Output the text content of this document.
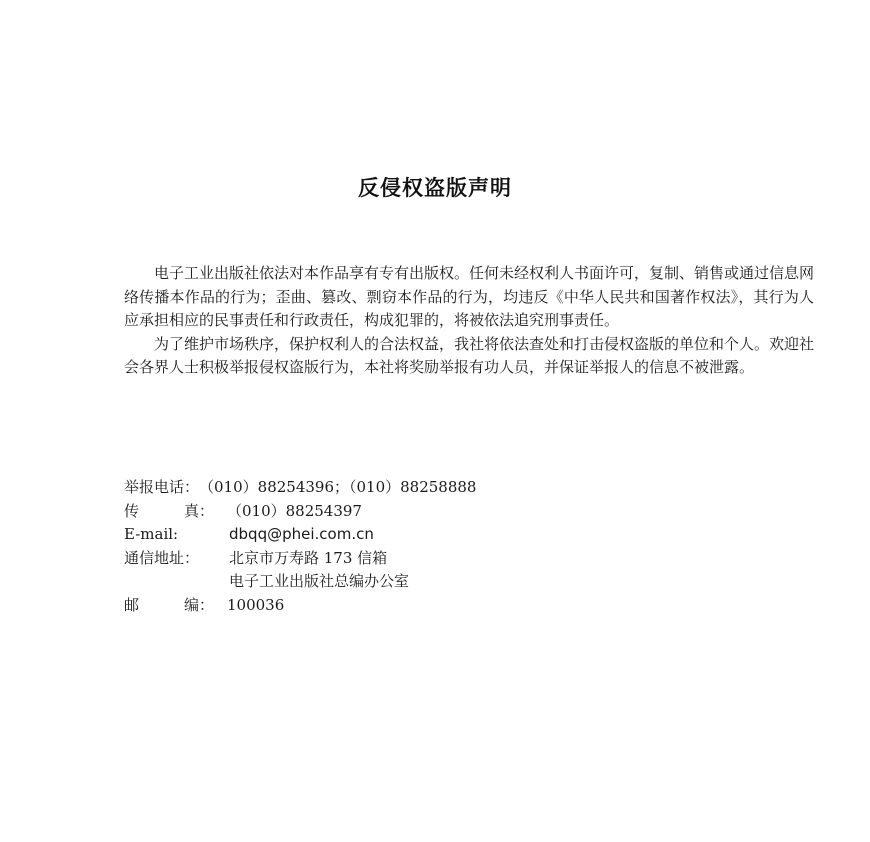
反侵权盗版声明

电子工业出版社依法对本作品享有专有出版权。任何未经权利人书面许可，复制、销售或通过信息网络传播本作品的行为；歪曲、篡改、剽窃本作品的行为，均违反《中华人民共和国著作权法》，其行为人应承担相应的民事责任和行政责任，构成犯罪的，将被依法追究刑事责任。

为了维护市场秩序，保护权利人的合法权益，我社将依法查处和打击侵权盗版的单位和个人。欢迎社会各界人士积极举报侵权盗版行为，本社将奖励举报有功人员，并保证举报人的信息不被泄露。

举报电话： （010）88254396；（010）88258888
传	真： （010）88254397
E-mail:	dbqq@phei.com.cn
通信地址：	北京市万寿路 173 信箱
电子工业出版社总编办公室
邮	编： 100036
